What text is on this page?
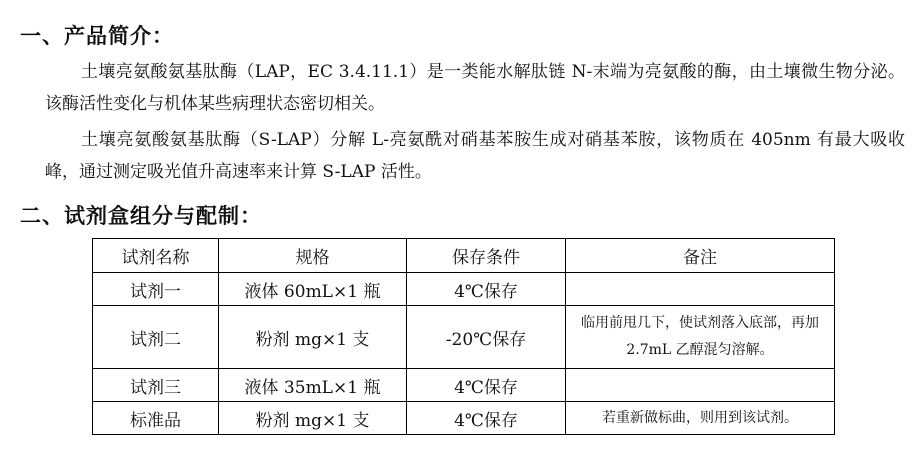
一、产品简介：
土壤亮氨酸氨基肽酶（LAP，EC 3.4.11.1）是一类能水解肽链 N-末端为亮氨酸的酶，由土壤微生物分泌。该酶活性变化与机体某些病理状态密切相关。
土壤亮氨酸氨基肽酶（S-LAP）分解 L-亮氨酰对硝基苯胺生成对硝基苯胺，该物质在 405nm 有最大吸收峰，通过测定吸光值升高速率来计算 S-LAP 活性。
二、试剂盒组分与配制：
试剂名称	规格	保存条件	备注
试剂一	液体 60mL×1 瓶	4℃保存	
试剂二	粉剂 mg×1 支	-20℃保存	临用前甩几下，使试剂落入底部，再加 2.7mL 乙醇混匀溶解。
试剂三	液体 35mL×1 瓶	4℃保存	
标准品	粉剂 mg×1 支	4℃保存	若重新做标曲，则用到该试剂。
